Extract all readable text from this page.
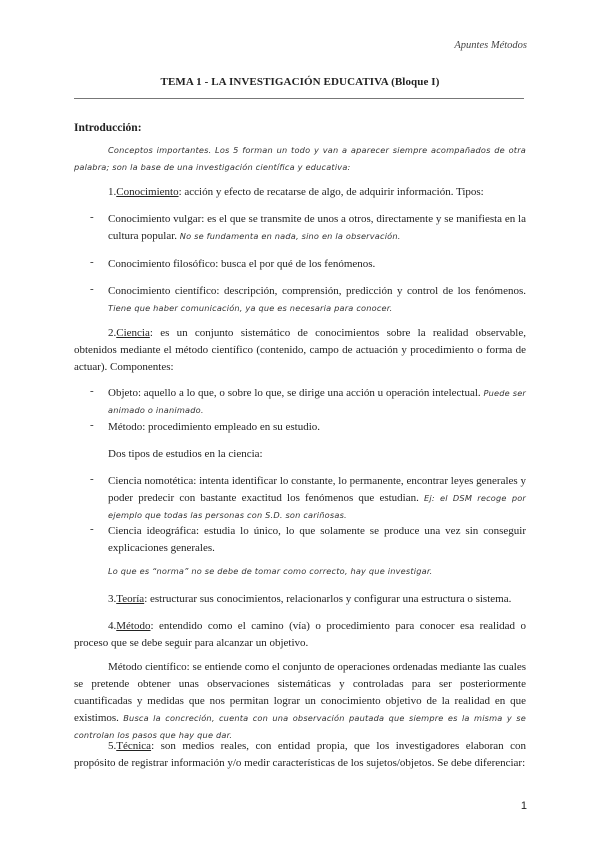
Apuntes Métodos
TEMA 1 - LA INVESTIGACIÓN EDUCATIVA (Bloque I)
Introducción:
Conceptos importantes. Los 5 forman un todo y van a aparecer siempre acompañados de otra palabra; son la base de una investigación científica y educativa:
1.Conocimiento: acción y efecto de recatarse de algo, de adquirir información. Tipos:
- Conocimiento vulgar: es el que se transmite de unos a otros, directamente y se manifiesta en la cultura popular. No se fundamenta en nada, sino en la observación.
- Conocimiento filosófico: busca el por qué de los fenómenos.
- Conocimiento científico: descripción, comprensión, predicción y control de los fenómenos. Tiene que haber comunicación, ya que es necesaria para conocer.
2.Ciencia: es un conjunto sistemático de conocimientos sobre la realidad observable, obtenidos mediante el método científico (contenido, campo de actuación y procedimiento o forma de actuar). Componentes:
- Objeto: aquello a lo que, o sobre lo que, se dirige una acción u operación intelectual. Puede ser animado o inanimado.
- Método: procedimiento empleado en su estudio.
Dos tipos de estudios en la ciencia:
- Ciencia nomotética: intenta identificar lo constante, lo permanente, encontrar leyes generales y poder predecir con bastante exactitud los fenómenos que estudian. Ej: el DSM recoge por ejemplo que todas las personas con S.D. son cariñosas.
- Ciencia ideográfica: estudia lo único, lo que solamente se produce una vez sin conseguir explicaciones generales.
Lo que es “norma” no se debe de tomar como correcto, hay que investigar.
3.Teoría: estructurar sus conocimientos, relacionarlos y configurar una estructura o sistema.
4.Método: entendido como el camino (vía) o procedimiento para conocer esa realidad o proceso que se debe seguir para alcanzar un objetivo.
Método científico: se entiende como el conjunto de operaciones ordenadas mediante las cuales se pretende obtener unas observaciones sistemáticas y controladas para ser posteriormente cuantificadas y medidas que nos permitan lograr un conocimiento objetivo de la realidad en que existimos. Busca la concreción, cuenta con una observación pautada que siempre es la misma y se controlan los pasos que hay que dar.
5.Técnica: son medios reales, con entidad propia, que los investigadores elaboran con propósito de registrar información y/o medir características de los sujetos/objetos. Se debe diferenciar:
1
